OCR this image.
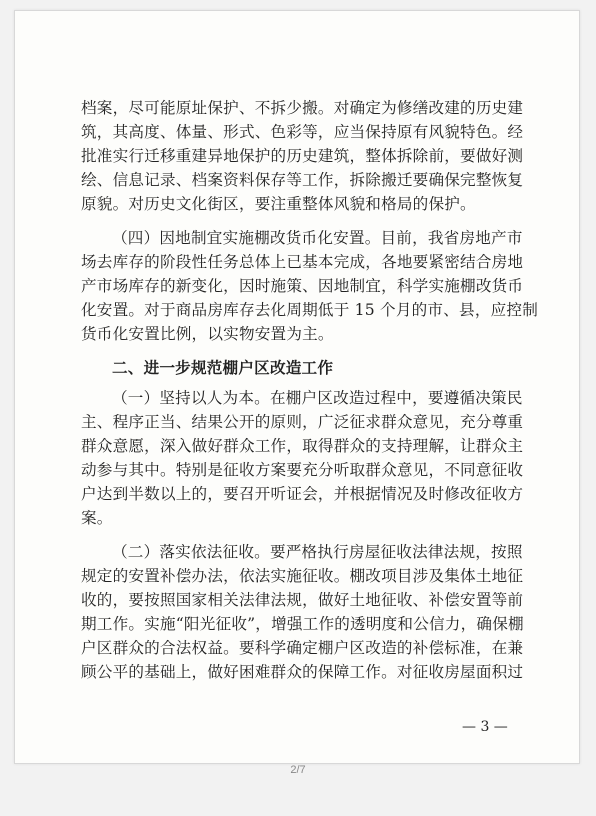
档案，尽可能原址保护、不拆少搬。对确定为修缮改建的历史建
筑，其高度、体量、形式、色彩等，应当保持原有风貌特色。经
批准实行迁移重建异地保护的历史建筑，整体拆除前，要做好测
绘、信息记录、档案资料保存等工作，拆除搬迁要确保完整恢复
原貌。对历史文化街区，要注重整体风貌和格局的保护。
（四）因地制宜实施棚改货币化安置。目前，我省房地产市
场去库存的阶段性任务总体上已基本完成，各地要紧密结合房地
产市场库存的新变化，因时施策、因地制宜，科学实施棚改货币
化安置。对于商品房库存去化周期低于 15 个月的市、县，应控制
货币化安置比例，以实物安置为主。
二、进一步规范棚户区改造工作
（一）坚持以人为本。在棚户区改造过程中，要遵循决策民
主、程序正当、结果公开的原则，广泛征求群众意见，充分尊重
群众意愿，深入做好群众工作，取得群众的支持理解，让群众主
动参与其中。特别是征收方案要充分听取群众意见，不同意征收
户达到半数以上的，要召开听证会，并根据情况及时修改征收方
案。
（二）落实依法征收。要严格执行房屋征收法律法规，按照
规定的安置补偿办法，依法实施征收。棚改项目涉及集体土地征
收的，要按照国家相关法律法规，做好土地征收、补偿安置等前
期工作。实施“阳光征收”，增强工作的透明度和公信力，确保棚
户区群众的合法权益。要科学确定棚户区改造的补偿标准，在兼
顾公平的基础上，做好困难群众的保障工作。对征收房屋面积过
— 3 —
2/7
